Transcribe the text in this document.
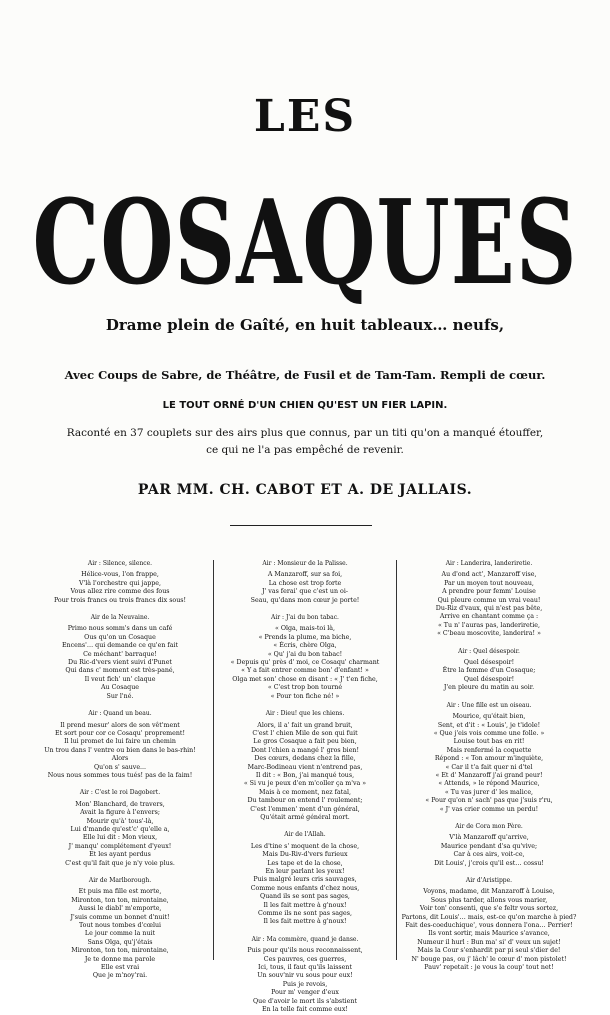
LES
COSAQUES
Drame plein de Gaîté, en huit tableaux… neufs,
Avec Coups de Sabre, de Théâtre, de Fusil et de Tam-Tam. Rempli de cœur.
LE TOUT ORNÉ D'UN CHIEN QU'EST UN FIER LAPIN.
Raconté en 37 couplets sur des airs plus que connus, par un titi qu'on a manqué étouffer,
ce qui ne l'a pas empêché de revenir.
PAR MM. CH. CABOT ET A. DE JALLAIS.
Air : Silence, silence.
Hélice-vous, l'on frappe,
V'là l'orchestre qui jappe,
Vous allez rire comme des fous
Pour trois francs ou trois francs dix sous!
Air de la Neuvaine.
Primo nous somm's dans un café
Ous qu'on un Cosaque
Encens'… qui demande ce qu'en fait
Ce méchant' barraque!
Du Ric-d'vers vient suivi d'Punet
Qui dans c' moment est très-pané,
Il veut fich' un' claque
Au Cosaque
Sur l'né.
Air : Quand un beau.
Il prend mesur' alors de son vêt'ment
Et sort pour cor ce Cosaqu' proprement!
Il lui promet de lui faire un chemin
Un trou dans l' ventre ou bien dans le bas-rhin!
Alors
Qu'on s' sauve...
Nous nous sommes tous tués! pas de la faim!
Air : C'est le roi Dagobert.
Mon' Blanchard, de travers,
Avait la figure à l'envers;
Mourir qu'à' tous'-là,
Lui d'mande qu'est'c' qu'elle a,
Elle lui dit : Mon vieux,
J' manqu' complétement d'yeux!
Et les ayant perdus
C'est qu'il fait que je n'y voie plus.
Air de Marlborough.
Et puis ma fille est morte,
Mironton, ton ton, mirontaine,
Aussi le diabl' m'emporte,
J'suis comme un bonnet d'nuit!
Tout nous tombes d'cœlui
Le jour comme la nuit
Sans Olga, qu'j'étais
Mironton, ton ton, mirontaine,
Je te donne ma parole
Elle est vrai
Que je m'noy'rai.
Air : Monsieur de la Palisse.
A Manzaroff, sur sa foi,
La chose est trop forte
J' vas ferai' que c'est un oi-
Seau, qu'dans mon cœur je porte!
Air : J'ai du bon tabac.
« Olga, mais-toi là,
« Prends la plume, ma biche,
« Écris, chère Olga,
« Qu' j'ai du bon tabac!
« Depuis qu' près d' moi, ce Cosaqu' charmant
« Y a fait entrer comme bon' d'enfant! »
Olga met son' chose en disant : « J' t'en fiche,
« C'est trop bon tourné
« Pour ton fiche né! »
Air : Dieu! que les chiens.
Alors, il a' fait un grand bruit,
C'est l' chien Mile de son qui fuit
Le gros Cosaque a fait peu bien,
Dont l'chien a mangé l' gros bien!
Des cœurs, dedans chez la fille,
Marc-Bodineau vient n'entrend pas,
Il dit : « Bon, j'ai manqué tous,
« Si vu je peux d'en m'coller ça m'va »
Mais à ce moment, nez fatal,
Du tambour on entend l' roulement;
C'est l'emmen' ment d'un général,
Qu'était armé général mort.
Air de l'Allah.
Les d'tine s' moquent de la chose,
Mais Du-Riv-d'vers furieux
Les tape et de la chose,
En leur parlant les yeux!
Puis malgré leurs cris sauvages,
Comme nous enfants d'chez nous,
Quand ils se sont pas sages,
Il les fait mettre à g'noux!
Comme ils ne sont pas sages,
Il les fait mettre à g'noux!
Air : Ma commère, quand je danse.
Puis pour qu'ils nous reconnaissent,
Ces pauvres, ces guerres,
Ici, tous, il faut qu'ils laissent
Un souv'nir vu sous pour eux!
Puis je revois,
Pour m' venger d'eux
Que d'avoir le mort ils s'abstient
En la telle fait comme eux!
Air : Landerira, landeriretie.
Au d'ond act', Manzaroff vise,
Par un moyen tout nouveau,
A prendre pour femm' Louise
Qui pleure comme un vrai veau!
Du-Riz d'vaux, qui n'est pas bête,
Arrive en chantant comme ça :
« Tu n' l'auras pas, landeriretie,
« C'beau moscovite, landerira! »
Air : Quel désespoir.
Quel désespoir!
Être la femme d'un Cosaque;
Quel désespoir!
J'en pleure du matin au soir.
Air : Une fille est un oiseau.
Mourice, qu'était bien,
Sent, et d'it : « Louis', je t'idole!
« Que j'eis vois comme une folle. »
Louise tout bas en rit!
Mais renfermé la coquette
Répond : « Ton amour m'inquiète,
« Car il t'a fait quer ni d'tel
« Et d' Manzaroff j'ai grand peur!
« Attends, » le répond Maurice,
« Tu vas jurer d' les malice,
« Pour qu'on n' sach' pas que j'suis r'ru,
« J' vas crier comme un perdu!
Air de Cora mon Père.
V'là Manzaroff qu'arrive,
Maurice pendant d'sa qu'vive;
Car à ces airs, voit-ce,
Dit Louis', j'crois qu'il est… cossu!
Air d'Aristippe.
Voyons, madame, dit Manzaroff à Louise,
Sous plus tarder, allons vous marier,
Voir ton' consenti, que s'e feltr vous sortez,
Partons, dit Louis'… mais, est-ce qu'on marche à pied?
Fait des-coeduchique', vous donnera l'ona… Perrier!
Ils vont sortir, mais Maurice s'avance,
Numeur il hurl : Bun ma' si' d' veux un sujet!
Mais la Cour s'enhardit par pi seul s'dier de!
N' bouge pas, ou j' lâch' le cœur d' mon pistolet!
Pauv' repetait : je vous la coup' tout net!
